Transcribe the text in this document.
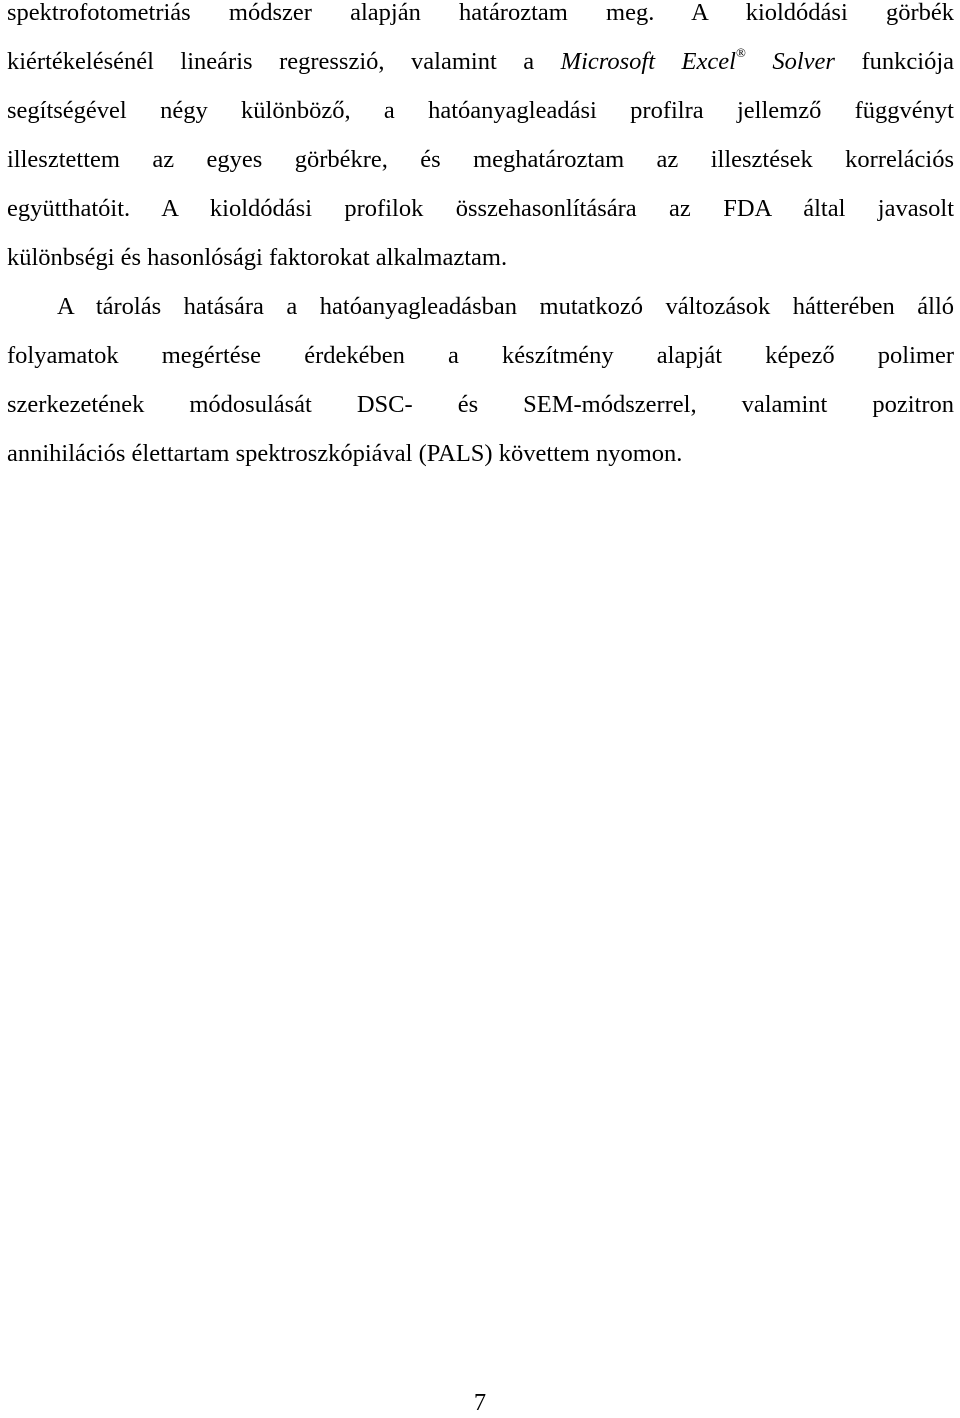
spektrofotometriás módszer alapján határoztam meg. A kioldódási görbék
kiértékelésénél lineáris regresszió, valamint a Microsoft Excel® Solver funkciója
segítségével négy különböző, a hatóanyagleadási profilra jellemző függvényt
illesztettem az egyes görbékre, és meghatároztam az illesztések korrelációs
együtthatóit. A kioldódási profilok összehasonlítására az FDA által javasolt
különbségi és hasonlósági faktorokat alkalmaztam.
A tárolás hatására a hatóanyagleadásban mutatkozó változások hátterében álló
folyamatok megértése érdekében a készítmény alapját képező polimer
szerkezetének módosulását DSC- és SEM-módszerrel, valamint pozitron
annihilációs élettartam spektroszkópiával (PALS) követtem nyomon.
7
